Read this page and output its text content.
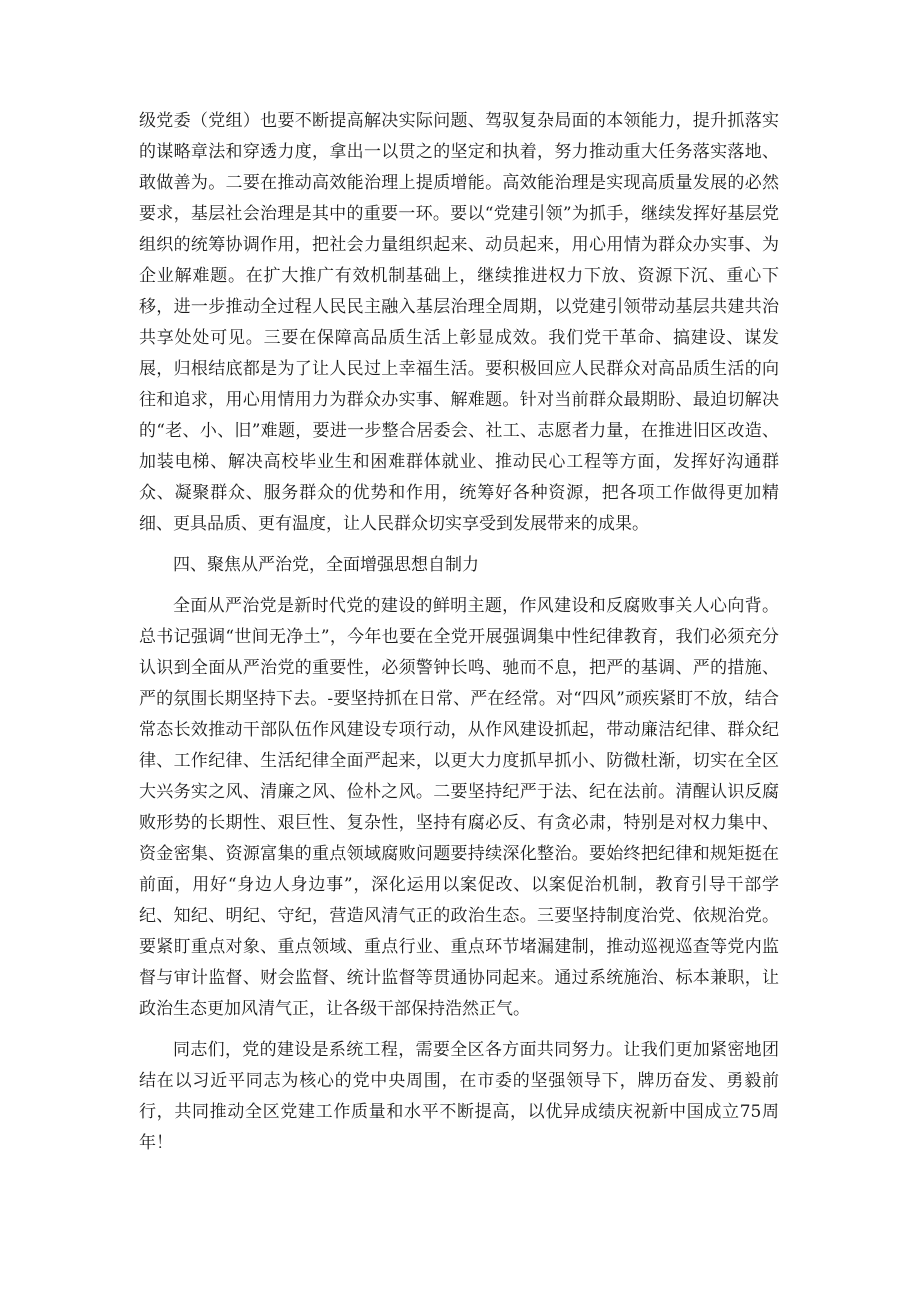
级党委（党组）也要不断提高解决实际问题、驾驭复杂局面的本领能力，提升抓落实的谋略章法和穿透力度，拿出一以贯之的坚定和执着，努力推动重大任务落实落地、敢做善为。二要在推动高效能治理上提质增能。高效能治理是实现高质量发展的必然要求，基层社会治理是其中的重要一环。要以“党建引领”为抓手，继续发挥好基层党组织的统筹协调作用，把社会力量组织起来、动员起来，用心用情为群众办实事、为企业解难题。在扩大推广有效机制基础上，继续推进权力下放、资源下沉、重心下移，进一步推动全过程人民民主融入基层治理全周期，以党建引领带动基层共建共治共享处处可见。三要在保障高品质生活上彰显成效。我们党干革命、搞建设、谋发展，归根结底都是为了让人民过上幸福生活。要积极回应人民群众对高品质生活的向往和追求，用心用情用力为群众办实事、解难题。针对当前群众最期盼、最迫切解决的“老、小、旧”难题，要进一步整合居委会、社工、志愿者力量，在推进旧区改造、加装电梯、解决高校毕业生和困难群体就业、推动民心工程等方面，发挥好沟通群众、凝聚群众、服务群众的优势和作用，统筹好各种资源，把各项工作做得更加精细、更具品质、更有温度，让人民群众切实享受到发展带来的成果。

四、聚焦从严治党，全面增强思想自制力

全面从严治党是新时代党的建设的鲜明主题，作风建设和反腐败事关人心向背。总书记强调“世间无净土”，今年也要在全党开展强调集中性纪律教育，我们必须充分认识到全面从严治党的重要性，必须警钟长鸣、驰而不息，把严的基调、严的措施、严的氛围长期坚持下去。-要坚持抓在日常、严在经常。对“四风”顽疾紧盯不放，结合常态长效推动干部队伍作风建设专项行动，从作风建设抓起，带动廉洁纪律、群众纪律、工作纪律、生活纪律全面严起来，以更大力度抓早抓小、防微杜渐，切实在全区大兴务实之风、清廉之风、俭朴之风。二要坚持纪严于法、纪在法前。清醒认识反腐败形势的长期性、艰巨性、复杂性，坚持有腐必反、有贪必肃，特别是对权力集中、资金密集、资源富集的重点领域腐败问题要持续深化整治。要始终把纪律和规矩挺在前面，用好“身边人身边事”，深化运用以案促改、以案促治机制，教育引导干部学纪、知纪、明纪、守纪，营造风清气正的政治生态。三要坚持制度治党、依规治党。要紧盯重点对象、重点领域、重点行业、重点环节堵漏建制，推动巡视巡查等党内监督与审计监督、财会监督、统计监督等贯通协同起来。通过系统施治、标本兼职，让政治生态更加风清气正，让各级干部保持浩然正气。

同志们，党的建设是系统工程，需要全区各方面共同努力。让我们更加紧密地团结在以习近平同志为核心的党中央周围，在市委的坚强领导下，牌历奋发、勇毅前行，共同推动全区党建工作质量和水平不断提高，以优异成绩庆祝新中国成立75周年！
